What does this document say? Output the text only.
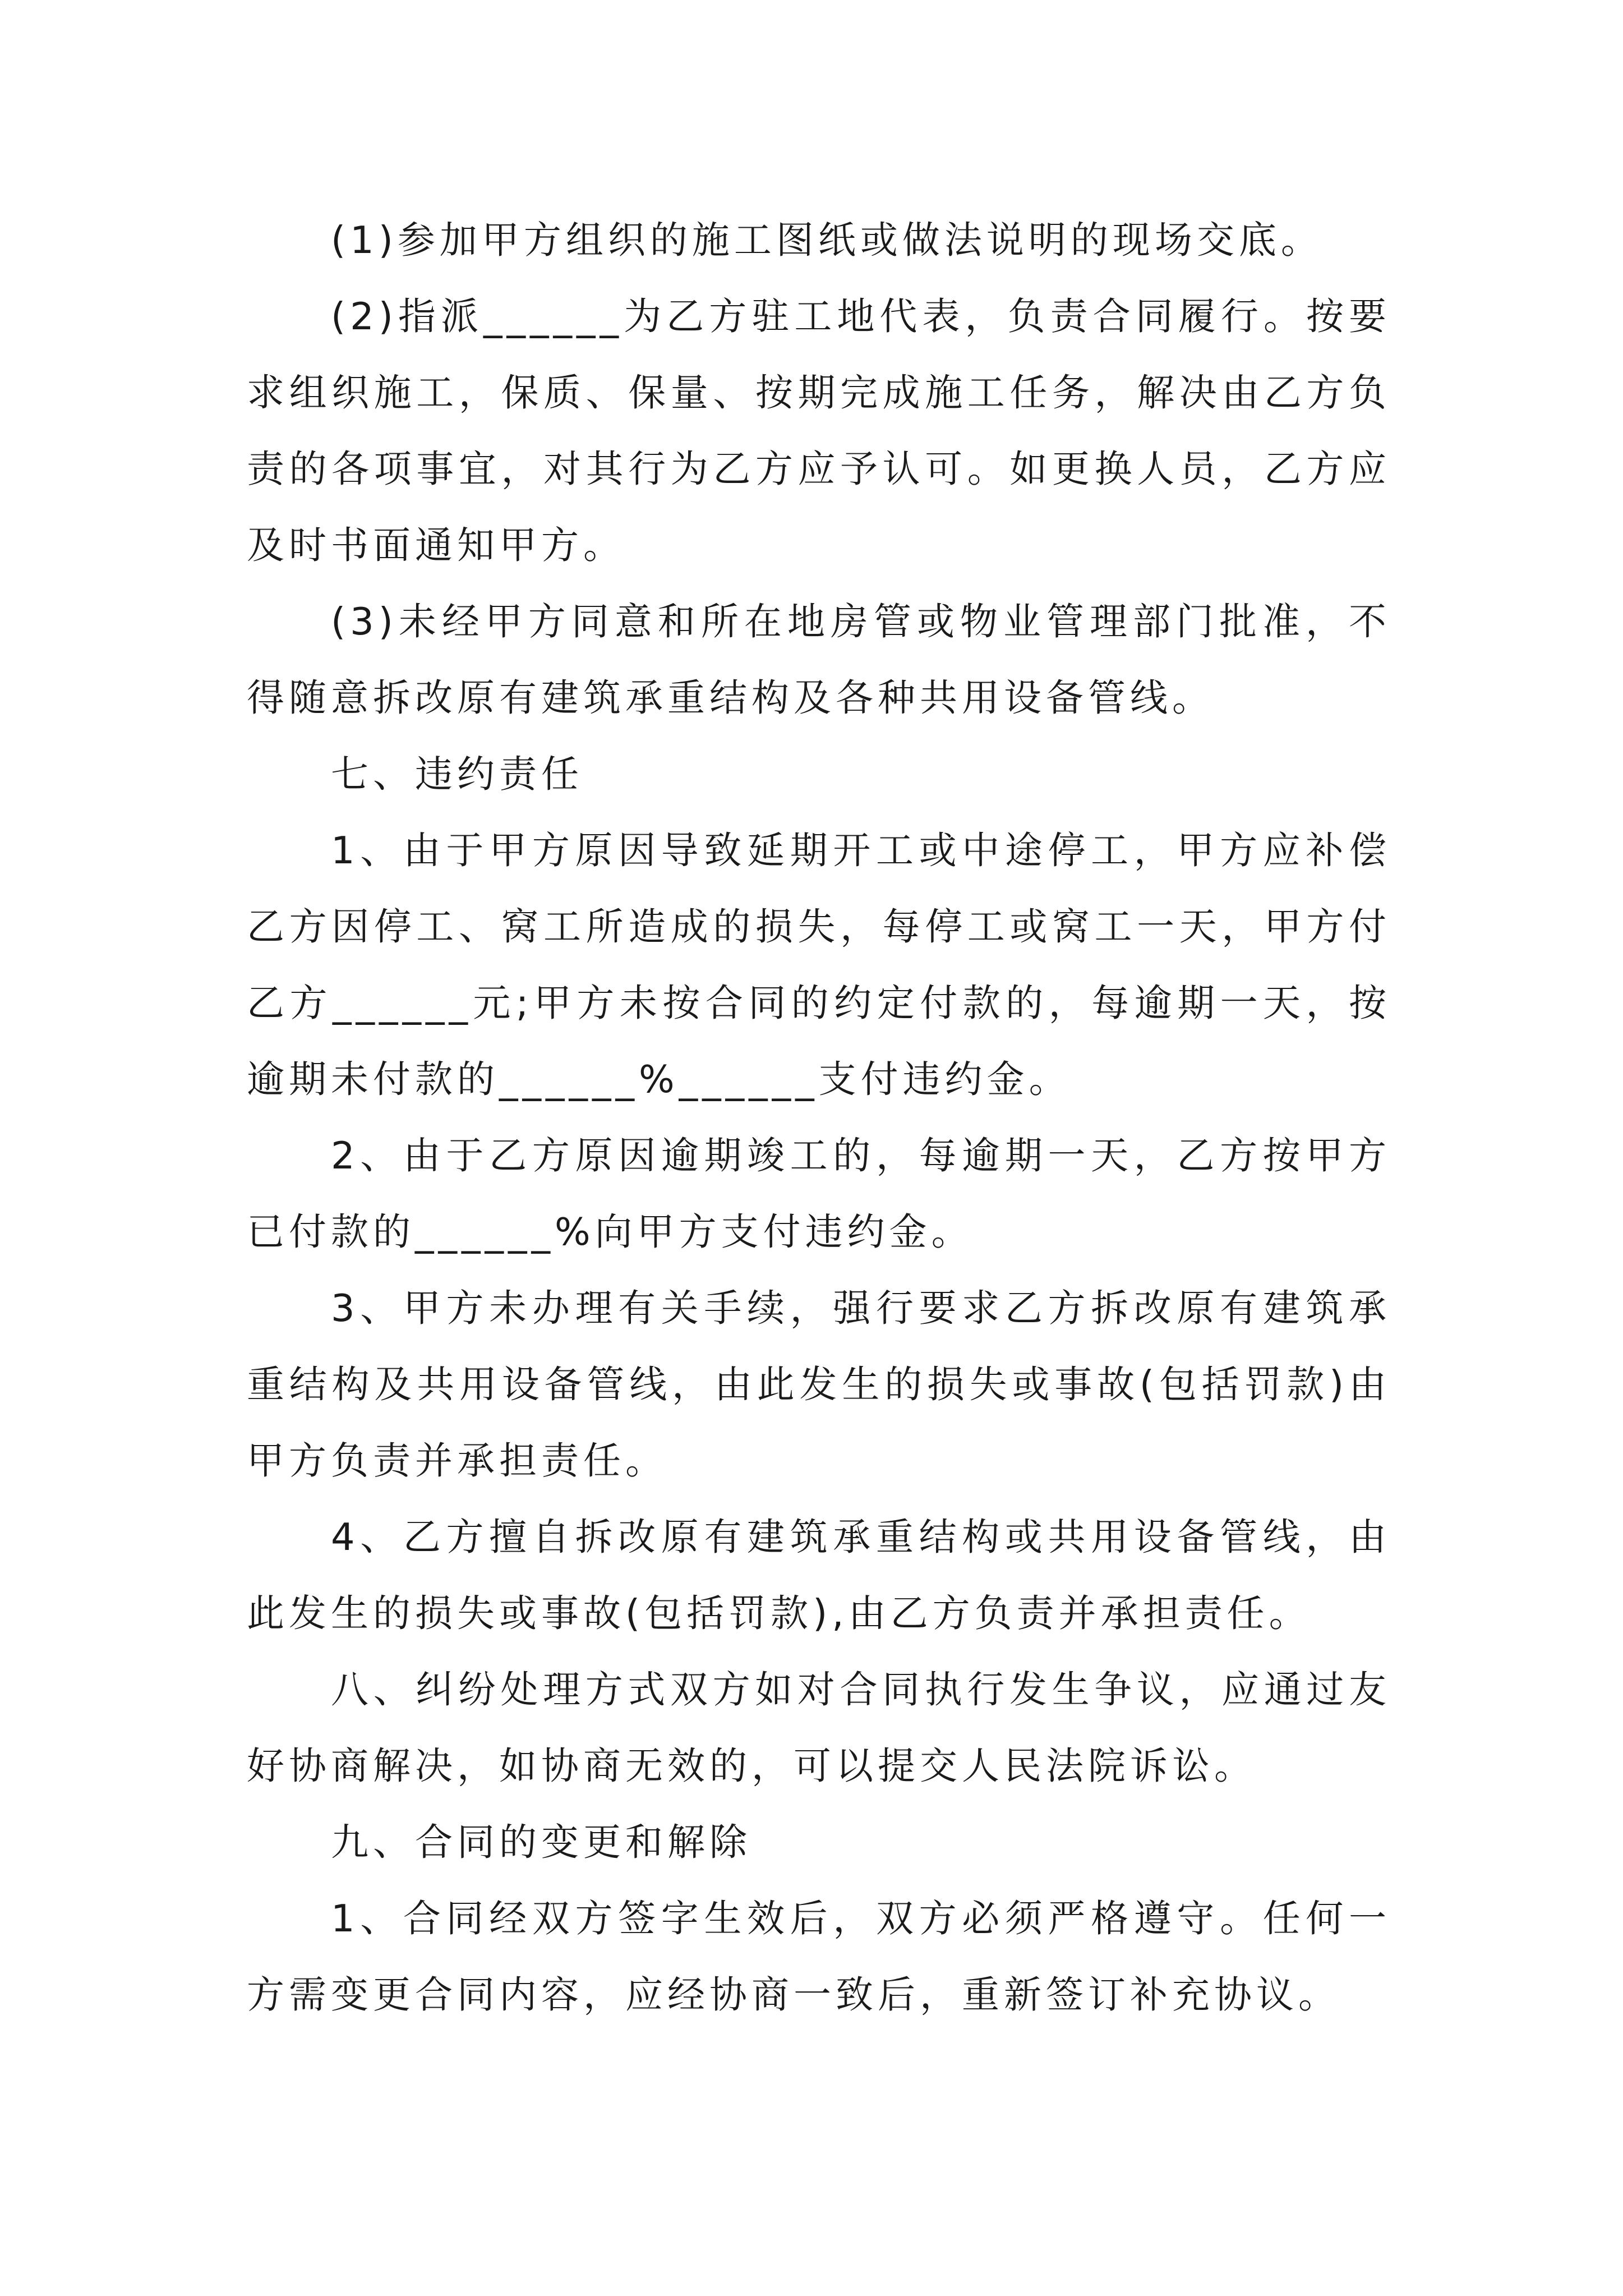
(1)参加甲方组织的施工图纸或做法说明的现场交底。

(2)指派______为乙方驻工地代表，负责合同履行。按要求组织施工，保质、保量、按期完成施工任务，解决由乙方负责的各项事宜，对其行为乙方应予认可。如更换人员，乙方应及时书面通知甲方。

(3)未经甲方同意和所在地房管或物业管理部门批准，不得随意拆改原有建筑承重结构及各种共用设备管线。

七、违约责任

1、由于甲方原因导致延期开工或中途停工，甲方应补偿乙方因停工、窝工所造成的损失，每停工或窝工一天，甲方付乙方______元;甲方未按合同的约定付款的，每逾期一天，按逾期未付款的______%______支付违约金。

2、由于乙方原因逾期竣工的，每逾期一天，乙方按甲方已付款的______%向甲方支付违约金。

3、甲方未办理有关手续，强行要求乙方拆改原有建筑承重结构及共用设备管线，由此发生的损失或事故(包括罚款)由甲方负责并承担责任。

4、乙方擅自拆改原有建筑承重结构或共用设备管线，由此发生的损失或事故(包括罚款),由乙方负责并承担责任。

八、纠纷处理方式双方如对合同执行发生争议，应通过友好协商解决，如协商无效的，可以提交人民法院诉讼。

九、合同的变更和解除

1、合同经双方签字生效后，双方必须严格遵守。任何一方需变更合同内容，应经协商一致后，重新签订补充协议。
